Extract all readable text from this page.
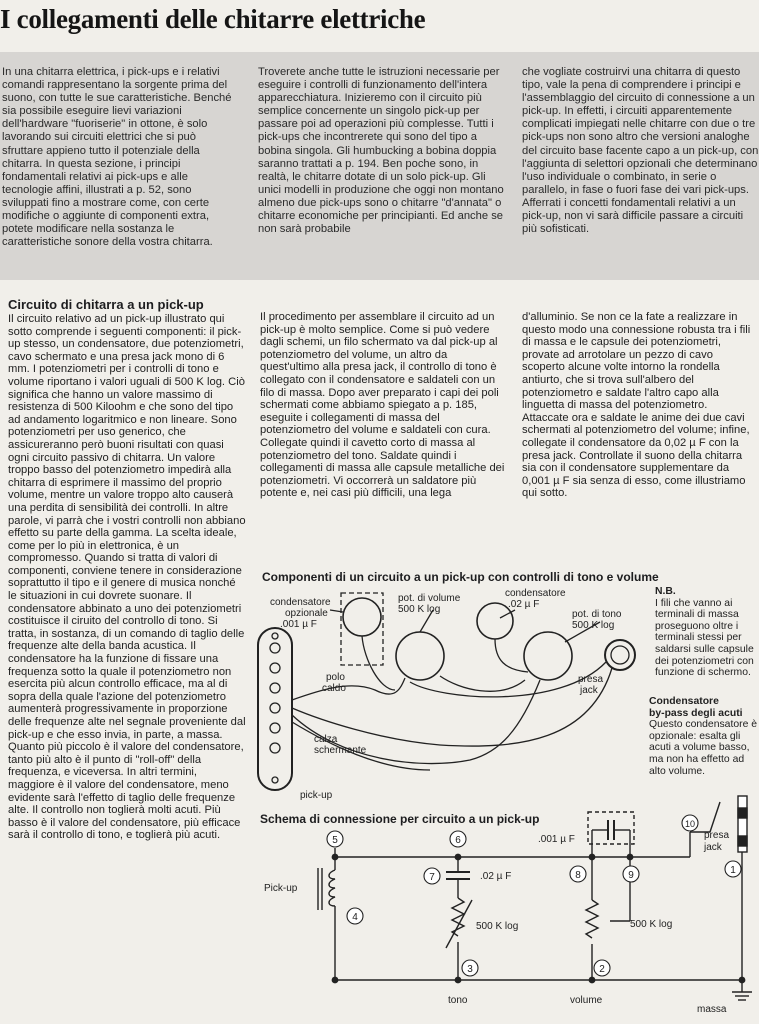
I collegamenti delle chitarre elettriche

In una chitarra elettrica, i pick-ups e i relativi comandi rappresentano la sorgente prima del suono, con tutte le sue caratteristiche. Benché sia possibile eseguire lievi variazioni dell'hardware "fuoriserie" in ottone, è solo lavorando sui circuiti elettrici che si può sfruttare appieno tutto il potenziale della chitarra. In questa sezione, i principi fondamentali relativi ai pick-ups e alle tecnologie affini, illustrati a p. 52, sono sviluppati fino a mostrare come, con certe modifiche o aggiunte di componenti extra, potete modificare nella sostanza le caratteristiche sonore della vostra chitarra.

Troverete anche tutte le istruzioni necessarie per eseguire i controlli di funzionamento dell'intera apparecchiatura. Inizieremo con il circuito più semplice concernente un singolo pick-up per passare poi ad operazioni più complesse. Tutti i pick-ups che incontrerete qui sono del tipo a bobina singola. Gli humbucking a bobina doppia saranno trattati a p. 194. Ben poche sono, in realtà, le chitarre dotate di un solo pick-up. Gli unici modelli in produzione che oggi non montano almeno due pick-ups sono o chitarre "d'annata" o chitarre economiche per principianti. Ed anche se non sarà probabile

che vogliate costruirvi una chitarra di questo tipo, vale la pena di comprendere i principi e l'assemblaggio del circuito di connessione a un pick-up. In effetti, i circuiti apparentemente complicati impiegati nelle chitarre con due o tre pick-ups non sono altro che versioni analoghe del circuito base facente capo a un pick-up, con l'aggiunta di selettori opzionali che determinano l'uso individuale o combinato, in serie o parallelo, in fase o fuori fase dei vari pick-ups. Afferrati i concetti fondamentali relativi a un pick-up, non vi sarà difficile passare a circuiti più sofisticati.

Circuito di chitarra a un pick-up

Il circuito relativo ad un pick-up illustrato qui sotto comprende i seguenti componenti: il pick-up stesso, un condensatore, due potenziometri, cavo schermato e una presa jack mono di 6 mm. I potenziometri per i controlli di tono e volume riportano i valori uguali di 500 K log. Ciò significa che hanno un valore massimo di resistenza di 500 Kiloohm e che sono del tipo ad andamento logaritmico e non lineare. Sono potenziometri per uso generico, che assicureranno però buoni risultati con quasi ogni circuito passivo di chitarra. Un valore troppo basso del potenziometro impedirà alla chitarra di esprimere il massimo del proprio volume, mentre un valore troppo alto causerà una perdita di sensibilità dei controlli. In altre parole, vi parrà che i vostri controlli non abbiano effetto su parte della gamma. La scelta ideale, come per lo più in elettronica, è un compromesso. Quando si tratta di valori di componenti, conviene tenere in considerazione soprattutto il tipo e il genere di musica nonché le situazioni in cui dovrete suonare. Il condensatore abbinato a uno dei potenziometri costituisce il ciruito del controllo di tono. Si tratta, in sostanza, di un comando di taglio delle frequenze alte della banda acustica. Il condensatore ha la funzione di fissare una frequenza sotto la quale il potenziometro non esercita più alcun controllo efficace, ma al di sopra della quale l'azione del potenziometro aumenterà progressivamente in proporzione delle frequenze alte nel segnale proveniente dal pick-up e che esso invia, in parte, a massa. Quanto più piccolo è il valore del condensatore, tanto più alto è il punto di "roll-off" della frequenza, e viceversa. In altri termini, maggiore è il valore del condensatore, meno evidente sarà l'effetto di taglio delle frequenze alte. Il controllo non toglierà molti acuti. Più basso è il valore del condensatore, più efficace sarà il controllo di tono, e toglierà più acuti.

Il procedimento per assemblare il circuito ad un pick-up è molto semplice. Come si può vedere dagli schemi, un filo schermato va dal pick-up al potenziometro del volume, un altro da quest'ultimo alla presa jack, il controllo di tono è collegato con il condensatore e saldateli con un filo di massa. Dopo aver preparato i capi dei poli schermati come abbiamo spiegato a p. 185, eseguite i collegamenti di massa del potenziometro del volume e saldateli con cura. Collegate quindi il cavetto corto di massa al potenziometro del tono. Saldate quindi i collegamenti di massa alle capsule metalliche dei potenziometri. Vi occorrerà un saldatore più potente e, nei casi più difficili, una lega

d'alluminio. Se non ce la fate a realizzare in questo modo una connessione robusta tra i fili di massa e le capsule dei potenziometri, provate ad arrotolare un pezzo di cavo scoperto alcune volte intorno la rondella antiurto, che si trova sull'albero del potenziometro e saldate l'altro capo alla linguetta di massa del potenziometro. Attaccate ora e saldate le anime dei due cavi schermati al potenziometro del volume; infine, collegate il condensatore da 0,02 µ F con la presa jack. Controllate il suono della chitarra sia con il condensatore supplementare da 0,001 µ F sia senza di esso, come illustriamo qui sotto.

Componenti di un circuito a un pick-up con controlli di tono e volume
Schema di connessione per circuito a un pick-up
N.B.
I fili che vanno ai terminali di massa proseguono oltre i terminali stessi per saldarsi sulle capsule dei potenziometri con funzione di schermo.
Condensatore
by-pass degli acuti
Questo condensatore è opzionale: esalta gli acuti a volume basso, ma non ha effetto ad alto volume.
condensatore
opzionale
.001 µ F
pot. di volume
500 K log
condensatore
.02 µ F
pot. di tono
500 K log
polo
caldo
calza
schermante
presa
jack
pick-up
1
2
3
4
5	6
7	8	9
10
Pick-up
.02 µ F
.001 µ F
500 K log	500 K log
tono	volume
massa
presa
jack
